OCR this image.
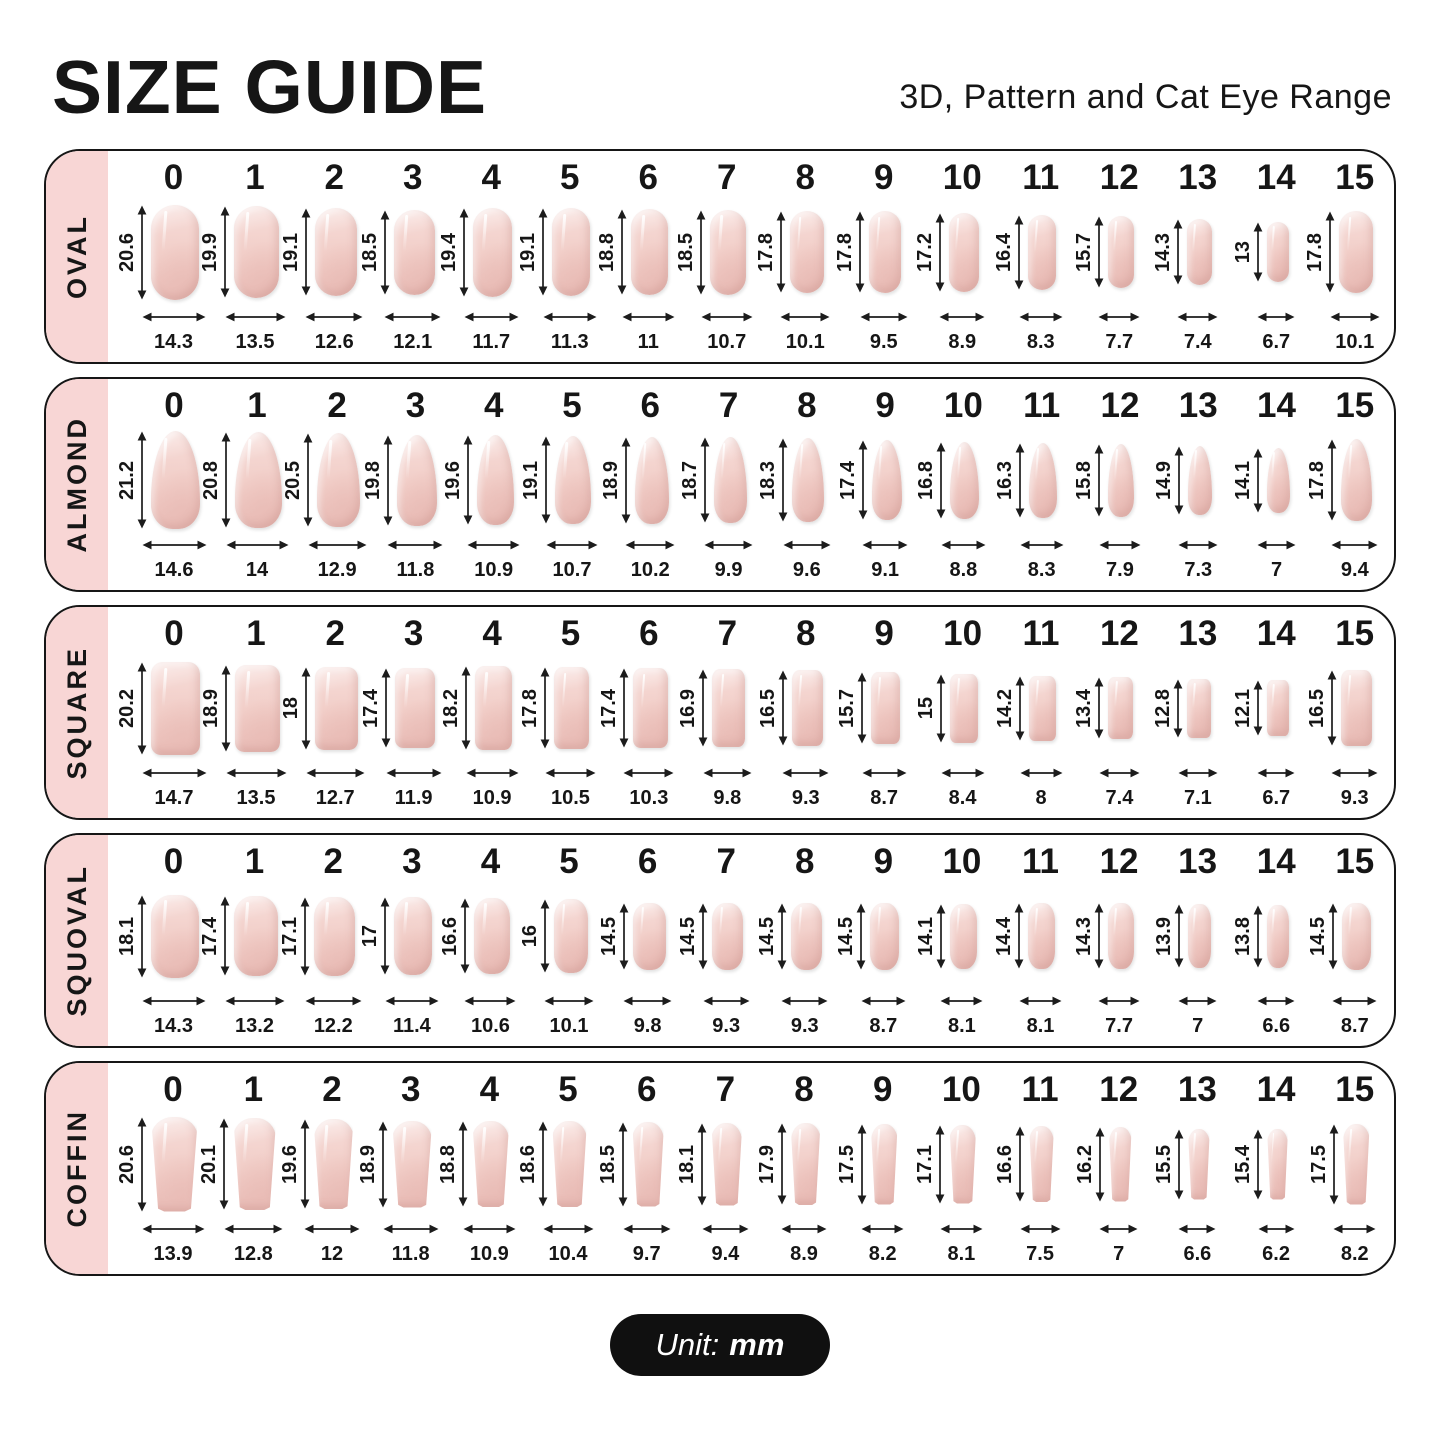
SIZE GUIDE	3D, Pattern and Cat Eye Range
OVAL
0
20.6
14.3
1
19.9
13.5
2
19.1
12.6
3
18.5
12.1
4
19.4
11.7
5
19.1
11.3
6
18.8
11
7
18.5
10.7
8
17.8
10.1
9
17.8
9.5
10
17.2
8.9
11
16.4
8.3
12
15.7
7.7
13
14.3
7.4
14
13
6.7
15
17.8
10.1
ALMOND
0
21.2
14.6
1
20.8
14
2
20.5
12.9
3
19.8
11.8
4
19.6
10.9
5
19.1
10.7
6
18.9
10.2
7
18.7
9.9
8
18.3
9.6
9
17.4
9.1
10
16.8
8.8
11
16.3
8.3
12
15.8
7.9
13
14.9
7.3
14
14.1
7
15
17.8
9.4
SQUARE
0
20.2
14.7
1
18.9
13.5
2
18
12.7
3
17.4
11.9
4
18.2
10.9
5
17.8
10.5
6
17.4
10.3
7
16.9
9.8
8
16.5
9.3
9
15.7
8.7
10
15
8.4
11
14.2
8
12
13.4
7.4
13
12.8
7.1
14
12.1
6.7
15
16.5
9.3
SQUOVAL
0
18.1
14.3
1
17.4
13.2
2
17.1
12.2
3
17
11.4
4
16.6
10.6
5
16
10.1
6
14.5
9.8
7
14.5
9.3
8
14.5
9.3
9
14.5
8.7
10
14.1
8.1
11
14.4
8.1
12
14.3
7.7
13
13.9
7
14
13.8
6.6
15
14.5
8.7
COFFIN
0
20.6
13.9
1
20.1
12.8
2
19.6
12
3
18.9
11.8
4
18.8
10.9
5
18.6
10.4
6
18.5
9.7
7
18.1
9.4
8
17.9
8.9
9
17.5
8.2
10
17.1
8.1
11
16.6
7.5
12
16.2
7
13
15.5
6.6
14
15.4
6.2
15
17.5
8.2
Unit: mm
